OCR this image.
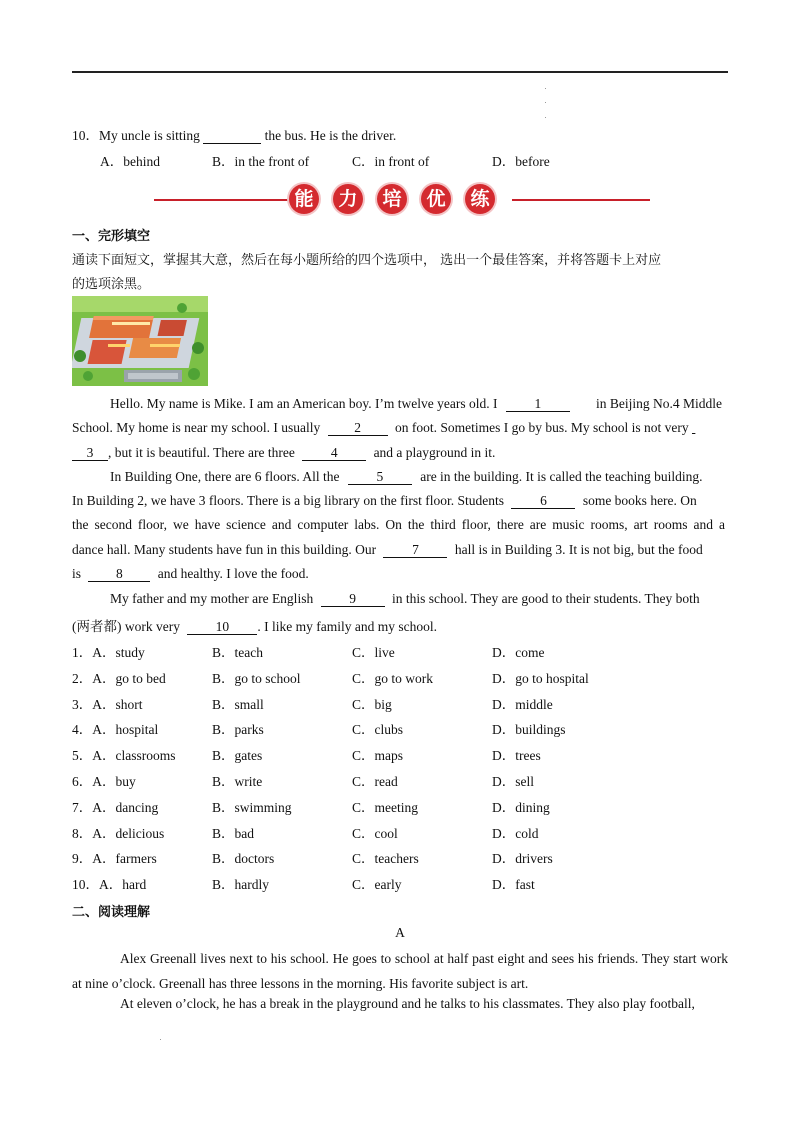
10．My uncle is sitting	the bus. He is the driver.
A．behind	B．in the front of	C．in front of	D．before
能 力 培 优 练
一、完形填空
通读下面短文，掌握其大意，然后在每小题所给的四个选项中， 选出一个最佳答案，并将答题卡上对应
的选项涂黑。
Hello. My name is Mike. I am an American boy. I’m twelve years old. I	1	in Beijing No.4 Middle
School. My home is near my school. I usually 2 on foot. Sometimes I go by bus. My school is not very
3 , but it is beautiful. There are three	4	and a playground in it.
In Building One, there are 6 floors. All the	5 are in the building. It is called the teaching building.
In Building 2, we have 3 floors. There is a big library on the first floor. Students 6 some books here. On
the second floor, we have science and computer labs. On the third floor, there are music rooms, art rooms and a
dance hall. Many students have fun in this building. Our 7 hall is in Building 3. It is not big, but the food
is 8	and healthy. I love the food.
My father and my mother are English	9 in this school. They are good to their students. They both
(两者都) work very 10 . I like my family and my school.
1．A．study	B．teach	C．live	D．come
2．A．go to bed	B．go to school	C．go to work	D．go to hospital
3．A．short	B．small	C．big	D．middle
4．A．hospital	B．parks	C．clubs	D．buildings
5．A．classrooms	B．gates	C．maps	D．trees
6．A．buy	B．write	C．read	D．sell
7．A．dancing	B．swimming	C．meeting	D．dining
8．A．delicious	B．bad	C．cool	D．cold
9．A．farmers	B．doctors	C．teachers	D．drivers
10．A．hard	B．hardly	C．early	D．fast
二、阅读理解
A
Alex Greenall lives next to his school. He goes to school at half past eight and sees his friends. They start work at nine o’clock. Greenall has three lessons in the morning. His favorite subject is art.
At eleven o’clock, he has a break in the playground and he talks to his classmates. They also play football,
